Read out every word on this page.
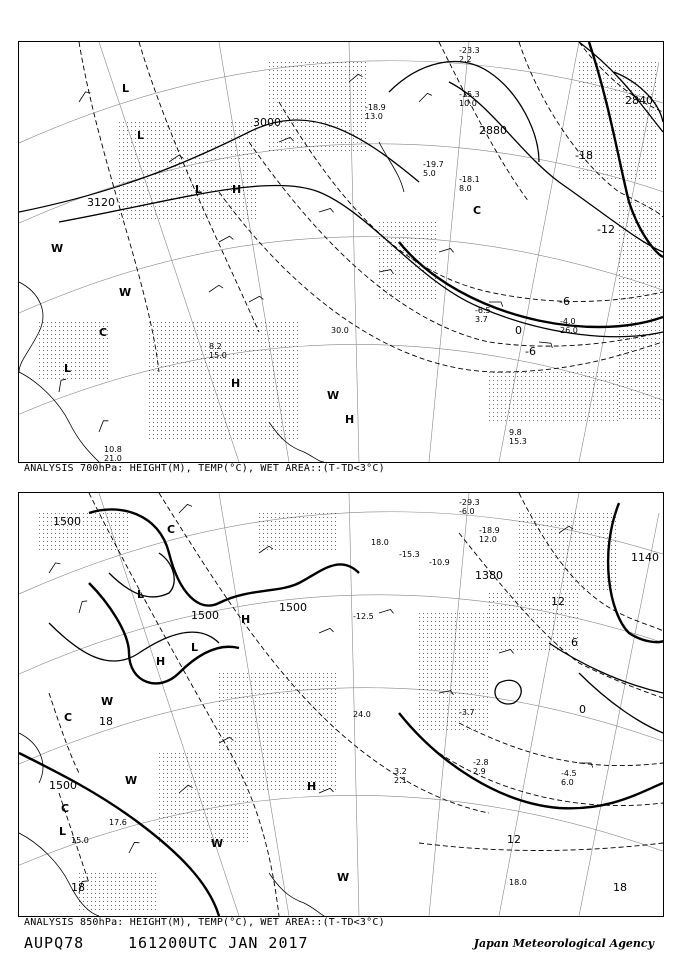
3000
3120
2880
2840
-18
-12
-6
0
-6
L
L
L
L
H
H
H
W
W
W
C
C
-23.3
2.2
-18.9
13.0
-15.3
10.0
-19.7
5.0
-18.1
8.0
-6.5
3.7
9.8
15.3
10.8
21.0
-4.0
26.0
8.2
15.0
30.0
ANALYSIS 700hPa: HEIGHT(M), TEMP(°C), WET AREA::(T-TD<3°C)
1500
1500
1500
1500
1380
1140
18
18	18
12
6
0
12
L
L
L
H
H
H
C
C
C
W
W
W
W
-29.3
-6.0
-18.9
12.0
-15.3
-10.9
-12.5
18.0
-3.7
24.0
-2.8
2.9	-4.5
6.0
18.0
3.2
2.1
17.6
15.0
ANALYSIS 850hPa: HEIGHT(M), TEMP(°C), WET AREA::(T-TD<3°C)
AUPQ78	161200UTC JAN 2017	Japan Meteorological Agency
